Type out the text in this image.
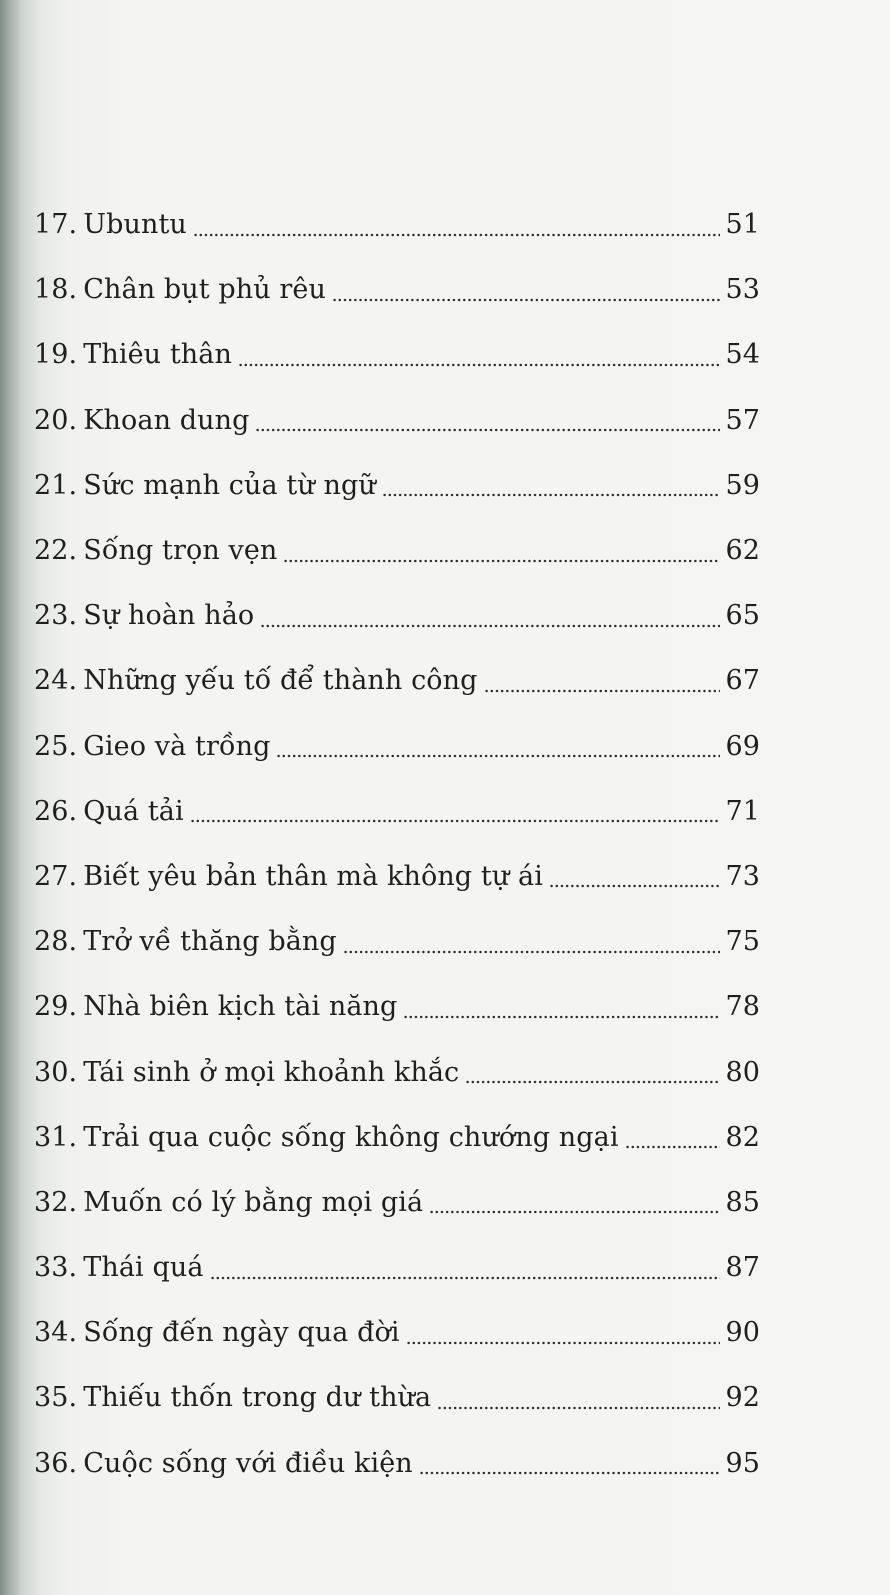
17. Ubuntu	51
18. Chân bụt phủ rêu	53
19. Thiêu thân	54
20. Khoan dung	57
21. Sức mạnh của từ ngữ	59
22. Sống trọn vẹn	62
23. Sự hoàn hảo	65
24. Những yếu tố để thành công	67
25. Gieo và trồng	69
26. Quá tải	71
27. Biết yêu bản thân mà không tự ái	73
28. Trở về thăng bằng	75
29. Nhà biên kịch tài năng	78
30. Tái sinh ở mọi khoảnh khắc	80
31. Trải qua cuộc sống không chướng ngại	82
32. Muốn có lý bằng mọi giá	85
33. Thái quá	87
34. Sống đến ngày qua đời	90
35. Thiếu thốn trong dư thừa	92
36. Cuộc sống với điều kiện	95
